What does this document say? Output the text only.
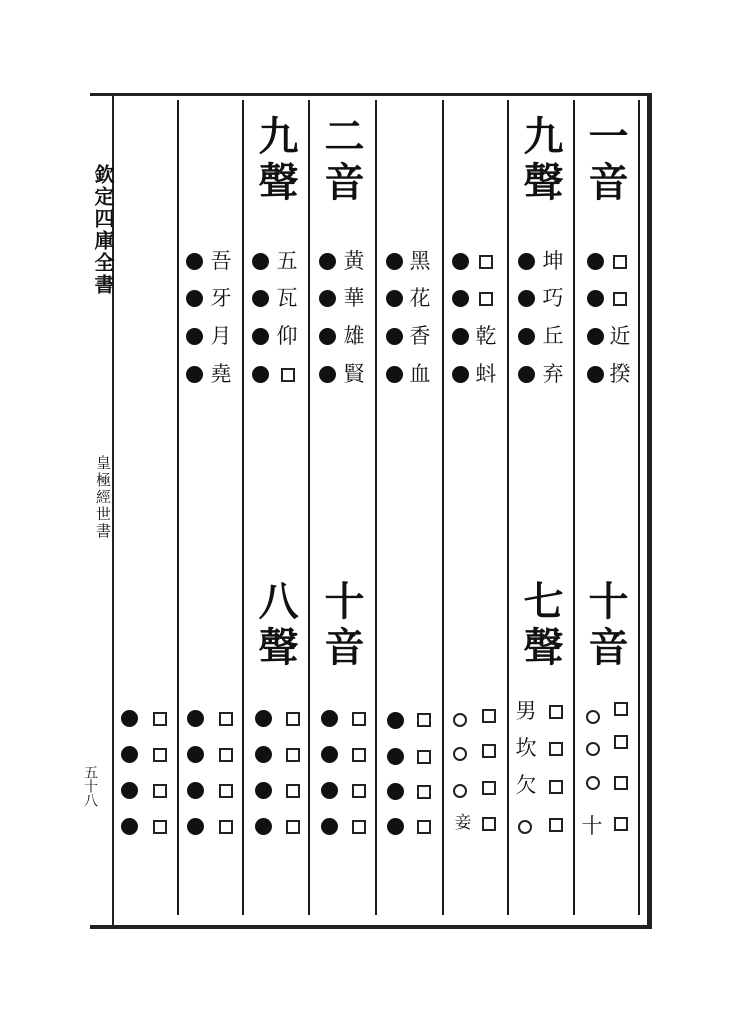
欽定四庫全書
皇極經世書
五十八
一音
九聲
二音
九聲
十音
七聲
十音
八聲
近
揆
坤
巧
丘
弃
乾
蚪
黑
花
香
血
黄
華
雄
賢
五
瓦
仰
吾
牙
月
堯
十
男
坎
欠
妾
